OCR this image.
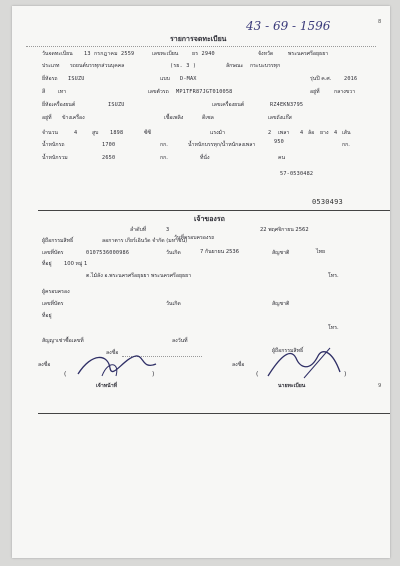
43 - 69 - 1596	8
รายการจดทะเบียน
วันจดทะเบียน 13 กรกฎาคม 2559	เลขทะเบียน	ยร 2940	จังหวัด	พระนครศรีอยุธยา
ประเภท รถยนต์บรรทุกส่วนบุคคล	(รย. 3 )	ลักษณะ กระบะบรรทุก
ยี่ห้อรถ ISUZU	แบบ D-MAX	รุ่นปี ค.ศ. 2016
สี เทา	เลขตัวรถ MP1TFR87JGT010058	อยู่ที่	กลางขวา
ยี่ห้อเครื่องยนต์	ISUZU	เลขเครื่องยนต์	RZ4EKN3795
อยู่ที่ ข้างเครื่อง	เชื้อเพลิง	ดีเซล	เลขถังแก๊ส
จำนวน	4	สูบ 1898	ซีซี	แรงม้า	2 เพลา 4 ล้อ ยาง 4 เส้น
น้ำหนักรถ	1700	กก.	น้ำหนักบรรทุก/น้ำหนักลงเพลา	950	กก.
น้ำหนักรวม	2650	กก.	ที่นั่ง	คน
57-0530482
0530493
เจ้าของรถ
ลำดับที่	3
วันที่ครอบครองรถ
22 พฤศจิกายน 2562
ผู้ถือกรรมสิทธิ์	ลอกาตาร เกียร์เอินวัด จำกัด (มหาชน)
เลขที่บัตร	0107536000986	วันเกิด	7 กันยายน 2536	สัญชาติ	ไทย
ที่อยู่ 100 หมู่ 1
ต.ไม้ลัง อ.พระนครศรีอยุธยา พระนครศรีอยุธยา	โทร.
ผู้ครอบครอง
เลขที่บัตร	วันเกิด	สัญชาติ
ที่อยู่
โทร.
สัญญาเช่าซื้อเลขที่	ลงวันที่
ลงชื่อ	ผู้ถือกรรมสิทธิ์
ลงชื่อ	ลงชื่อ
(	)	(	)
เจ้าหน้าที่	นายทะเบียน	9
